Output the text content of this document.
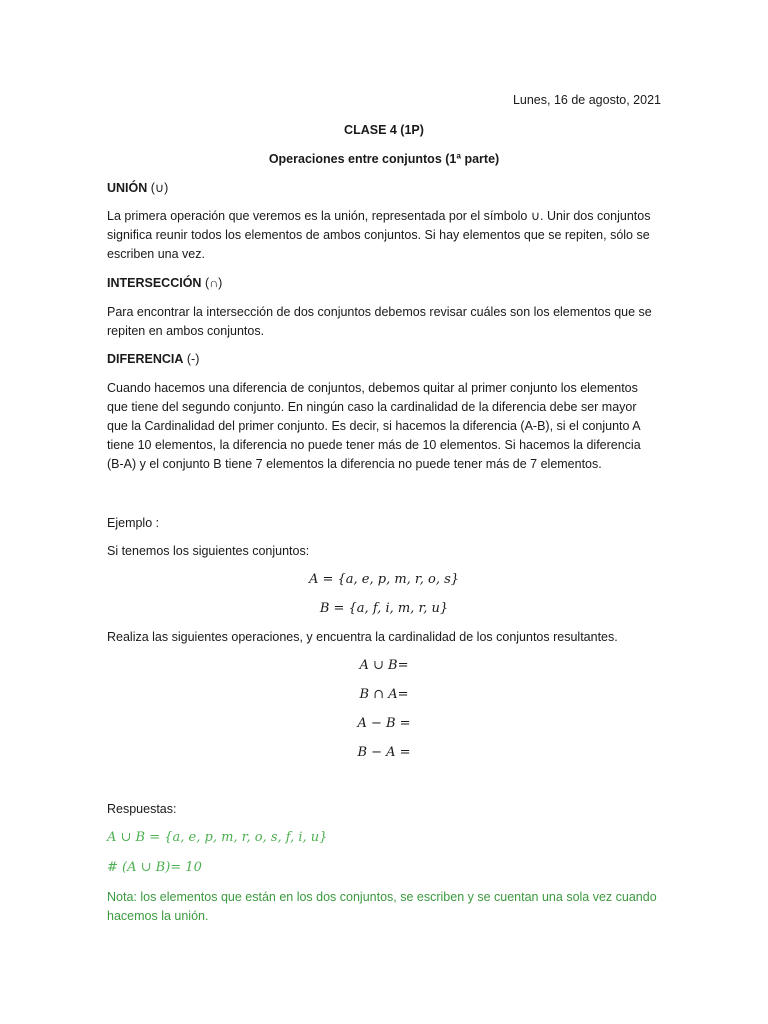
Lunes, 16 de agosto, 2021
CLASE 4 (1P)
Operaciones entre conjuntos (1ª parte)
UNIÓN (∪)
La primera operación que veremos es la unión, representada por el símbolo ∪. Unir dos conjuntos
significa reunir todos los elementos de ambos conjuntos. Si hay elementos que se repiten, sólo se
escriben una vez.
INTERSECCIÓN (∩)
Para encontrar la intersección de dos conjuntos debemos revisar cuáles son los elementos que se
repiten en ambos conjuntos.
DIFERENCIA (-)
Cuando hacemos una diferencia de conjuntos, debemos quitar al primer conjunto los elementos
que tiene del segundo conjunto. En ningún caso la cardinalidad de la diferencia debe ser mayor
que la Cardinalidad del primer conjunto. Es decir, si hacemos la diferencia (A-B), si el conjunto A
tiene 10 elementos, la diferencia no puede tener más de 10 elementos. Si hacemos la diferencia
(B-A) y el conjunto B tiene 7 elementos la diferencia no puede tener más de 7 elementos.
Ejemplo :
Si tenemos los siguientes conjuntos:
A = {a, e, p, m, r, o, s}
B = {a, f, i, m, r, u}
Realiza las siguientes operaciones, y encuentra la cardinalidad de los conjuntos resultantes.
A ∪ B=
B ∩ A=
A − B =
B − A =
Respuestas:
A ∪ B = {a, e, p, m, r, o, s, f, i, u}
# (A ∪ B)= 10
Nota: los elementos que están en los dos conjuntos, se escriben y se cuentan una sola vez cuando
hacemos la unión.
